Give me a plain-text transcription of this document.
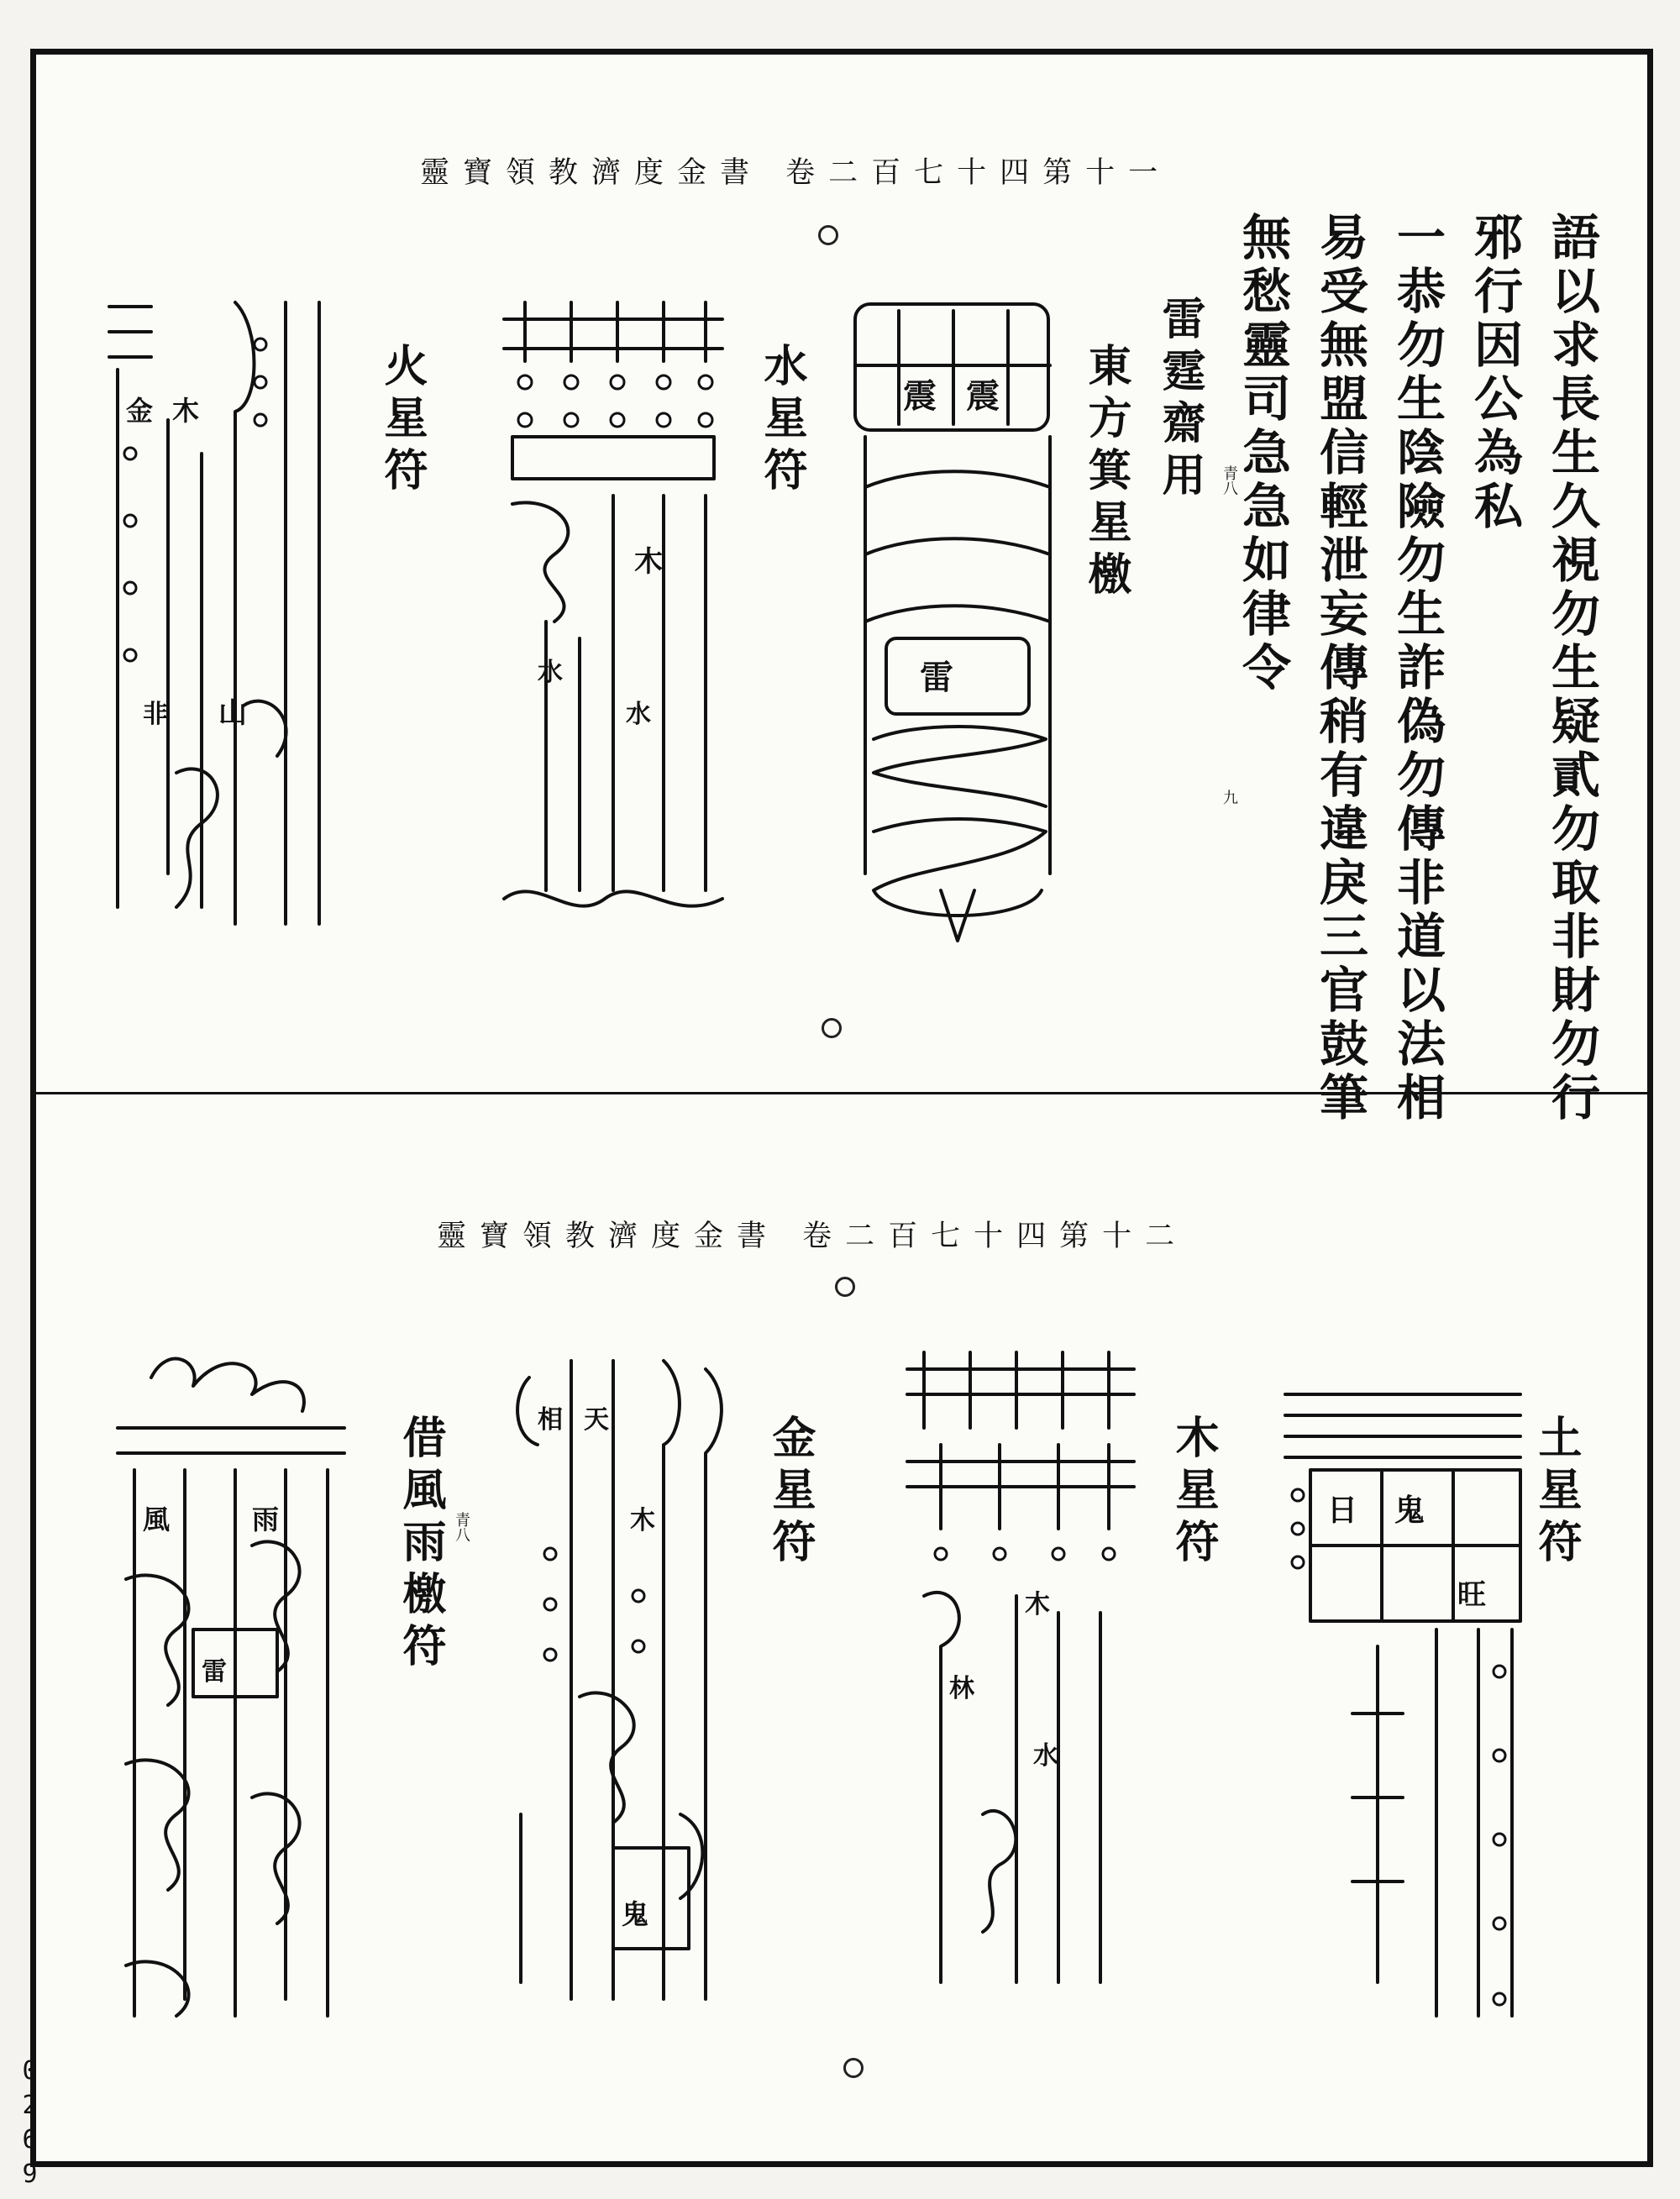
靈寶領教濟度金書 卷二百七十四第十一
語以求長生久視勿生疑貳勿取非財勿行
邪行因公為私
一恭勿生陰險勿生詐偽勿傳非道以法相
易受無盟信輕泄妄傳稍有違戾三官鼓筆
無愁靈司急急如律令
雷霆齋用 青八
九
東方箕星檄
震 震
雷
水星符
木
水
水
火星符
金 木
山
非
靈寶領教濟度金書 卷二百七十四第十二
土星符
日 鬼
旺
木星符
木
林
水
金星符
相 天
木
鬼
借風雨檄符 青八
風	雨
雷
0269
